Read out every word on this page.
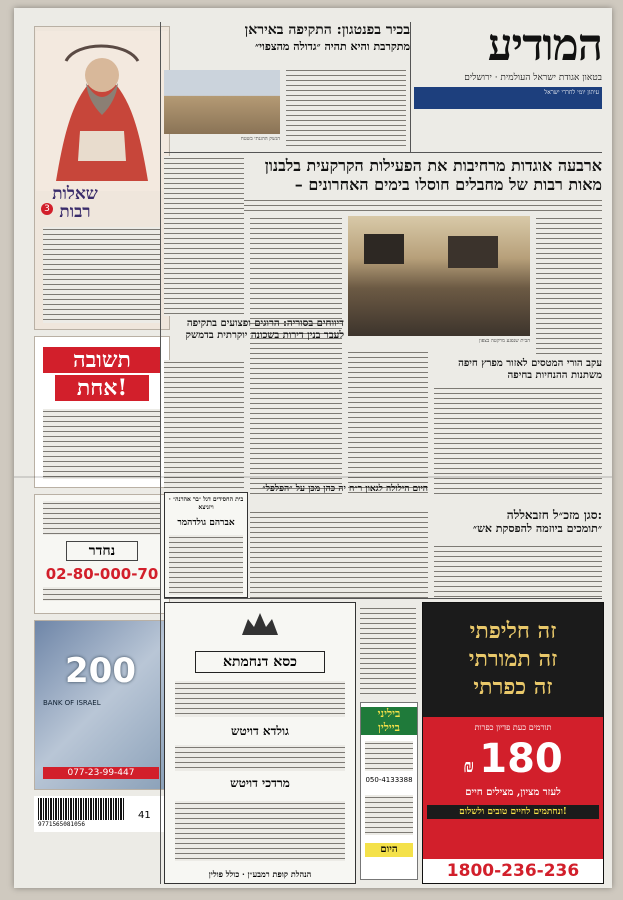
שאלות רבות
3
תשובה
אחת!
נחדר
02-80-000-70
200
BANK OF ISRAEL
077-23-99-447
9771565081056
41
המודיע
בטאון אגודת ישראל העולמית · ירושלים
עיתון יומי לחרדי ישראל
בכיר בפנטגון: התקיפה באיראן
מתקרבת והיא תהיה ״גדולה מהצפוי״
הנשק ההגנתי בשטח
ארבעה אוגדות מרחיבות את הפעילות הקרקעית בלבנון
– מאות רבות של מחבלים חוסלו בימים האחרונים
הבית שנפגע מרקטה בצפון
עקב הורי המטסים לאזור מפרץ חיפה משתנות ההנחיות בחיפה
דיווחים בסוריה: הרוגים ופצועים בתקיפה לעבר בנין דירות בשכונה יוקרתית בדמשק
סגן מזכ״ל חזבאללה:
״תומכים ביוזמה להפסקת אש״
היום הילולה לגאון ר״ח יה כהן מכן על ״הפלפל״
בית החסידים דגל ״בר אהרנה״ · ויזניצא
אברהם גולדהמר
כסא דנחמתא
גולדא דויטש
מרדכי דויטש
הנהלת קופת רמבע״ן · כולל פולין
ביליני
ביילין
050-4133388
היום
זה חליפתי
זה תמורתי
זה כפרתי
תורמים כעת פדיון כפרות
₪ 180
לעזר מציון, מצילים חיים
ונחתמים לחיים טובים ולשלום!
1800-236-236
